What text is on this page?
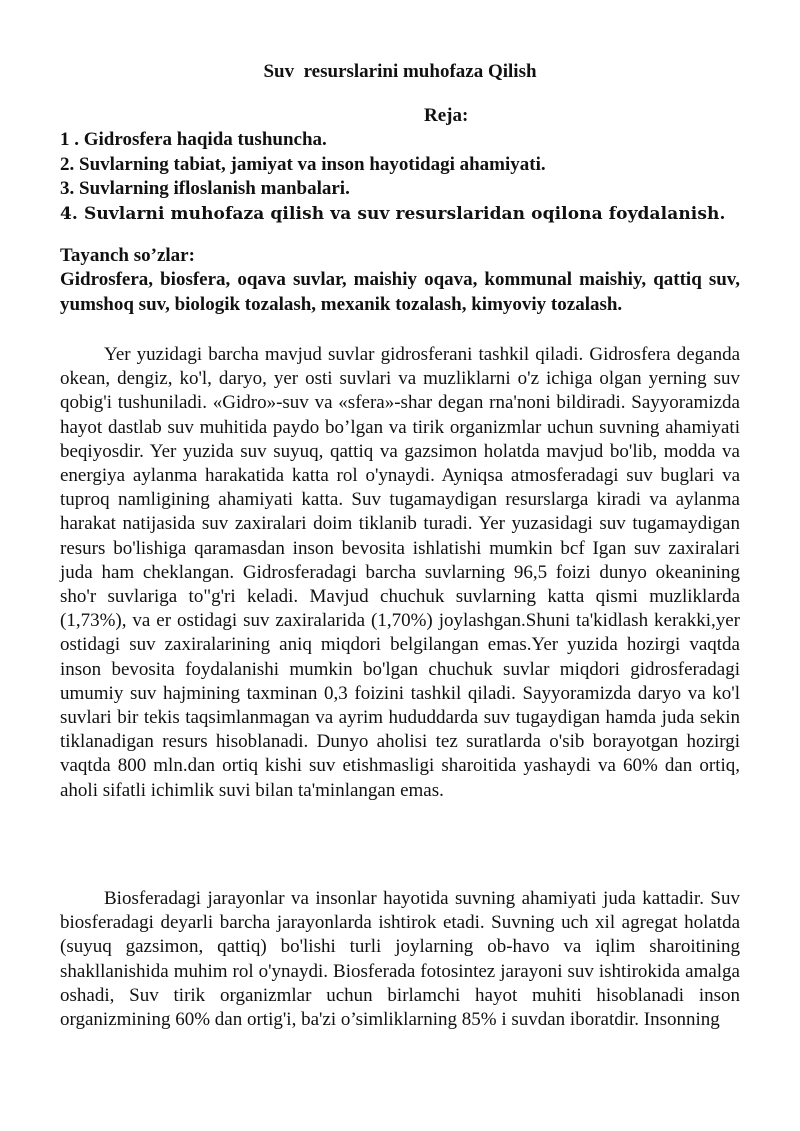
Suv  resurslarini muhofaza Qilish
Reja:
1 . Gidrosfera haqida tushuncha.
2. Suvlarning tabiat, jamiyat va inson hayotidagi ahamiyati.
3. Suvlarning ifloslanish manbalari.
4. Suvlarni muhofaza qilish va suv resurslaridan oqilona foydalanish.
Tayanch so’zlar:
Gidrosfera, biosfera, oqava suvlar, maishiy oqava, kommunal maishiy, qattiq suv, yumshoq suv, biologik tozalash, mexanik tozalash, kimyoviy tozalash.

Yer yuzidagi barcha mavjud suvlar gidrosferani tashkil qiladi. Gidrosfera deganda okean, dengiz, ko'l, daryo, yer osti suvlari va muzliklarni o'z ichiga olgan yerning suv qobig'i tushuniladi. «Gidro»-suv va «sfera»-shar degan rna'noni bildiradi. Sayyoramizda hayot dastlab suv muhitida paydo bo’lgan va tirik organizmlar uchun suvning ahamiyati beqiyosdir. Yer yuzida suv suyuq, qattiq va gazsimon holatda mavjud bo'lib, modda va energiya aylanma harakatida katta rol o'ynaydi. Ayniqsa atmosferadagi suv buglari va tuproq namligining ahamiyati katta. Suv tugamaydigan resurslarga kiradi va aylanma harakat natijasida suv zaxiralari doim tiklanib turadi. Yer yuzasidagi suv tugamaydigan resurs bo'lishiga qaramasdan inson bevosita ishlatishi mumkin bcf Igan suv zaxiralari juda ham cheklangan. Gidrosferadagi barcha suvlarning 96,5 foizi dunyo okeanining sho'r suvlariga to"g'ri keladi. Mavjud chuchuk suvlarning katta qismi muzliklarda (1,73%), va er ostidagi suv zaxiralarida (1,70%) joylashgan.Shuni ta'kidlash kerakki,yer ostidagi suv zaxiralarining aniq miqdori belgilangan emas.Yer yuzida hozirgi vaqtda inson bevosita foydalanishi mumkin bo'lgan chuchuk suvlar miqdori gidrosferadagi umumiy suv hajmining taxminan 0,3 foizini tashkil qiladi. Sayyoramizda daryo va ko'l suvlari bir tekis taqsimlanmagan va ayrim hududdarda suv tugaydigan hamda juda sekin tiklanadigan resurs hisoblanadi. Dunyo aholisi tez suratlarda o'sib borayotgan hozirgi vaqtda 800 mln.dan ortiq kishi suv etishmasligi sharoitida yashaydi va 60% dan ortiq, aholi sifatli ichimlik suvi bilan ta'minlangan emas.

Biosferadagi jarayonlar va insonlar hayotida suvning ahamiyati juda kattadir. Suv biosferadagi deyarli barcha jarayonlarda ishtirok etadi. Suvning uch xil agregat holatda (suyuq gazsimon, qattiq) bo'lishi turli joylarning ob-havo va iqlim sharoitining shakllanishida muhim rol o'ynaydi. Biosferada fotosintez jarayoni suv ishtirokida amalga oshadi, Suv tirik organizmlar uchun birlamchi hayot muhiti hisoblanadi inson organizmining 60% dan ortig'i, ba'zi o’simliklarning 85% i suvdan iboratdir. Insonning
